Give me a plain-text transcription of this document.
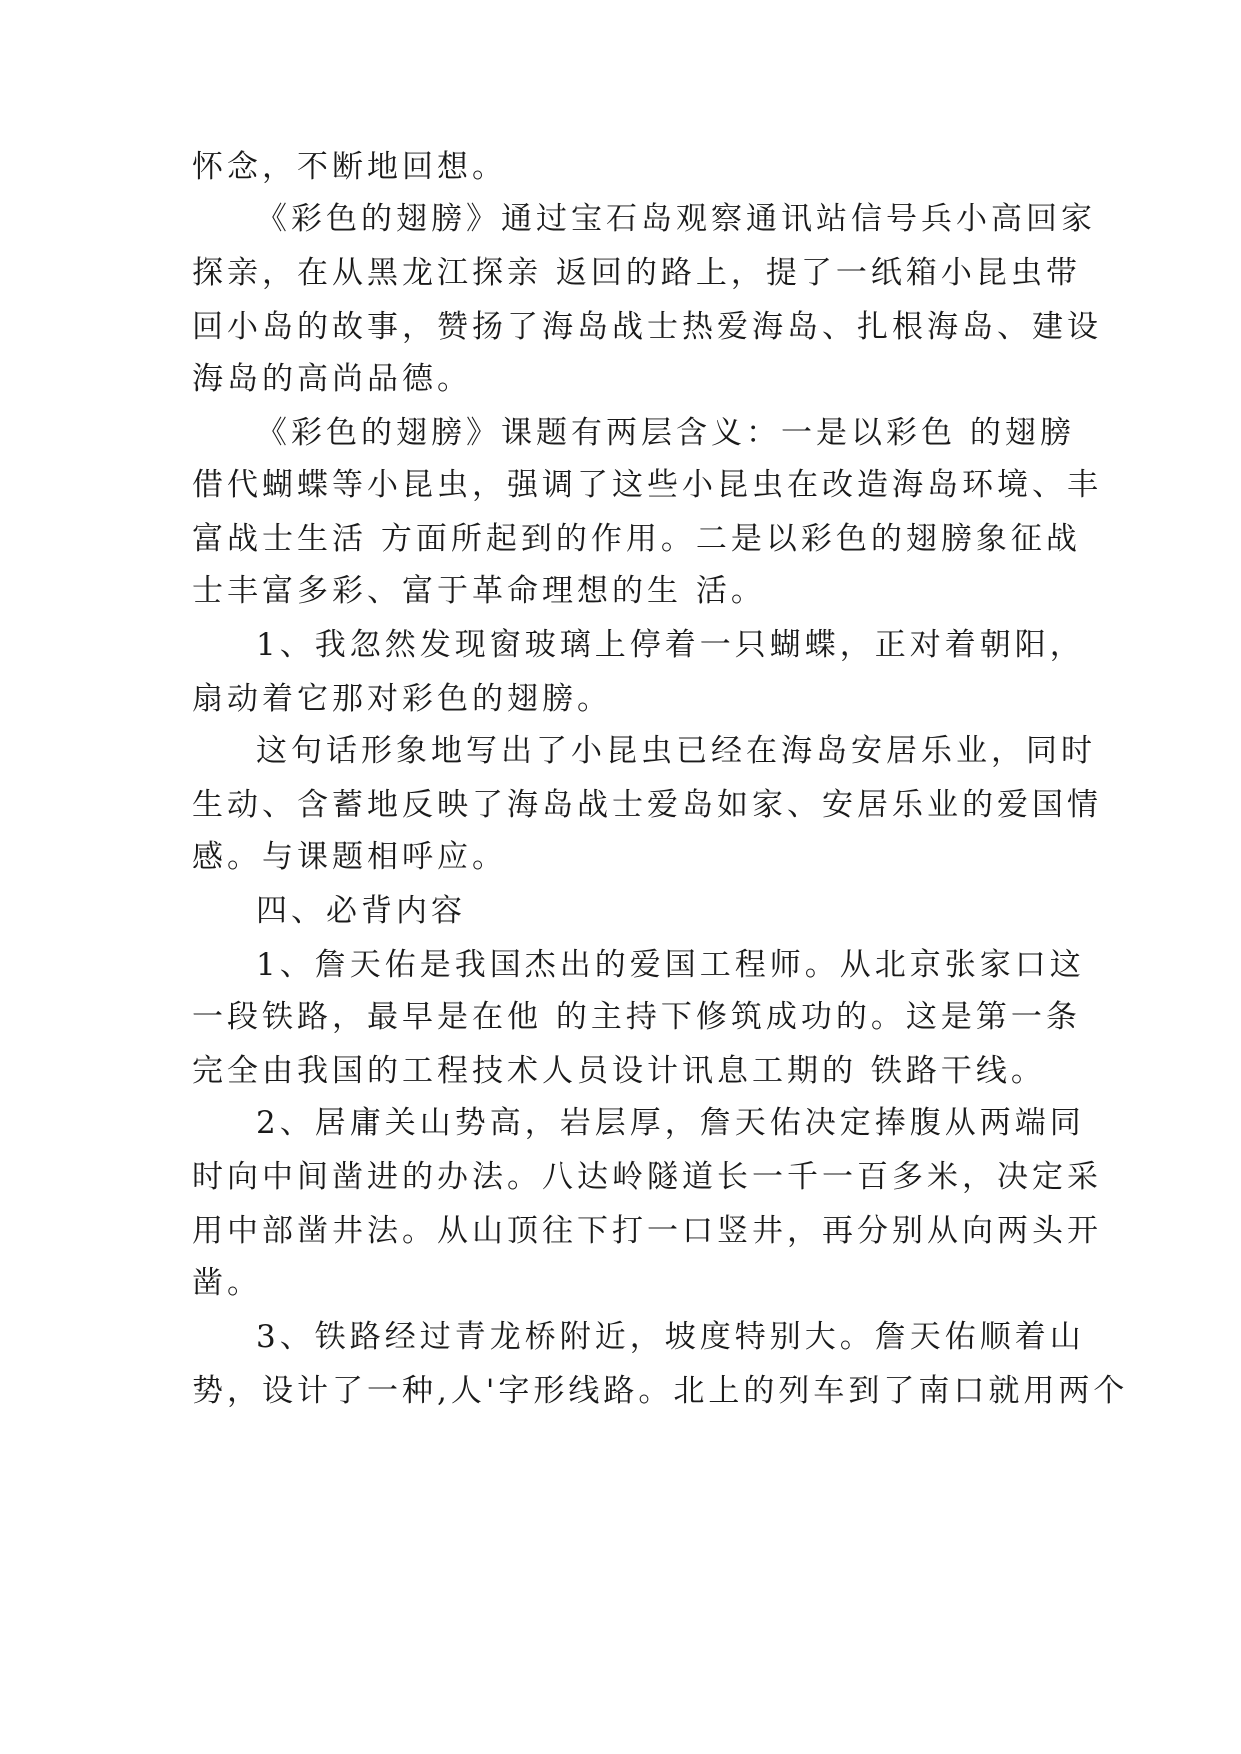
怀念，不断地回想。
《彩色的翅膀》通过宝石岛观察通讯站信号兵小高回家
探亲，在从黑龙江探亲 返回的路上，提了一纸箱小昆虫带
回小岛的故事，赞扬了海岛战士热爱海岛、扎根海岛、建设
海岛的高尚品德。
《彩色的翅膀》课题有两层含义：一是以彩色 的翅膀
借代蝴蝶等小昆虫，强调了这些小昆虫在改造海岛环境、丰
富战士生活 方面所起到的作用。二是以彩色的翅膀象征战
士丰富多彩、富于革命理想的生 活。
1、我忽然发现窗玻璃上停着一只蝴蝶，正对着朝阳，
扇动着它那对彩色的翅膀。
这句话形象地写出了小昆虫已经在海岛安居乐业，同时
生动、含蓄地反映了海岛战士爱岛如家、安居乐业的爱国情
感。与课题相呼应。
四、必背内容
1、詹天佑是我国杰出的爱国工程师。从北京张家口这
一段铁路，最早是在他 的主持下修筑成功的。这是第一条
完全由我国的工程技术人员设计讯息工期的 铁路干线。
2、居庸关山势高，岩层厚，詹天佑决定捧腹从两端同
时向中间凿进的办法。八达岭隧道长一千一百多米，决定采
用中部凿井法。从山顶往下打一口竖井，再分别从向两头开
凿。
3、铁路经过青龙桥附近，坡度特别大。詹天佑顺着山
势，设计了一种,人'字形线路。北上的列车到了南口就用两个
